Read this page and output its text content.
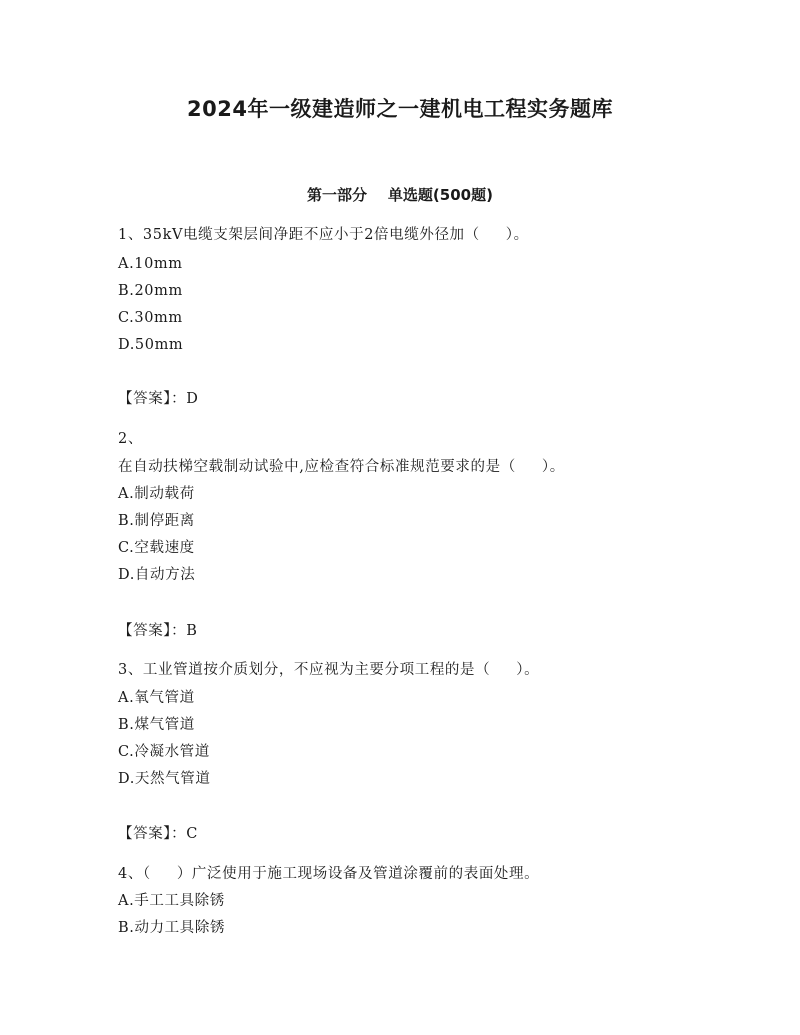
2024年一级建造师之一建机电工程实务题库
第一部分    单选题(500题)
1、35kV电缆支架层间净距不应小于2倍电缆外径加（     ）。
A.10mm
B.20mm
C.30mm
D.50mm
【答案】：D
2、
在自动扶梯空载制动试验中,应检查符合标准规范要求的是（     ）。
A.制动载荷
B.制停距离
C.空载速度
D.自动方法
【答案】：B
3、工业管道按介质划分，不应视为主要分项工程的是（     ）。
A.氧气管道
B.煤气管道
C.冷凝水管道
D.天然气管道
【答案】：C
4、（     ）广泛使用于施工现场设备及管道涂覆前的表面处理。
A.手工工具除锈
B.动力工具除锈
